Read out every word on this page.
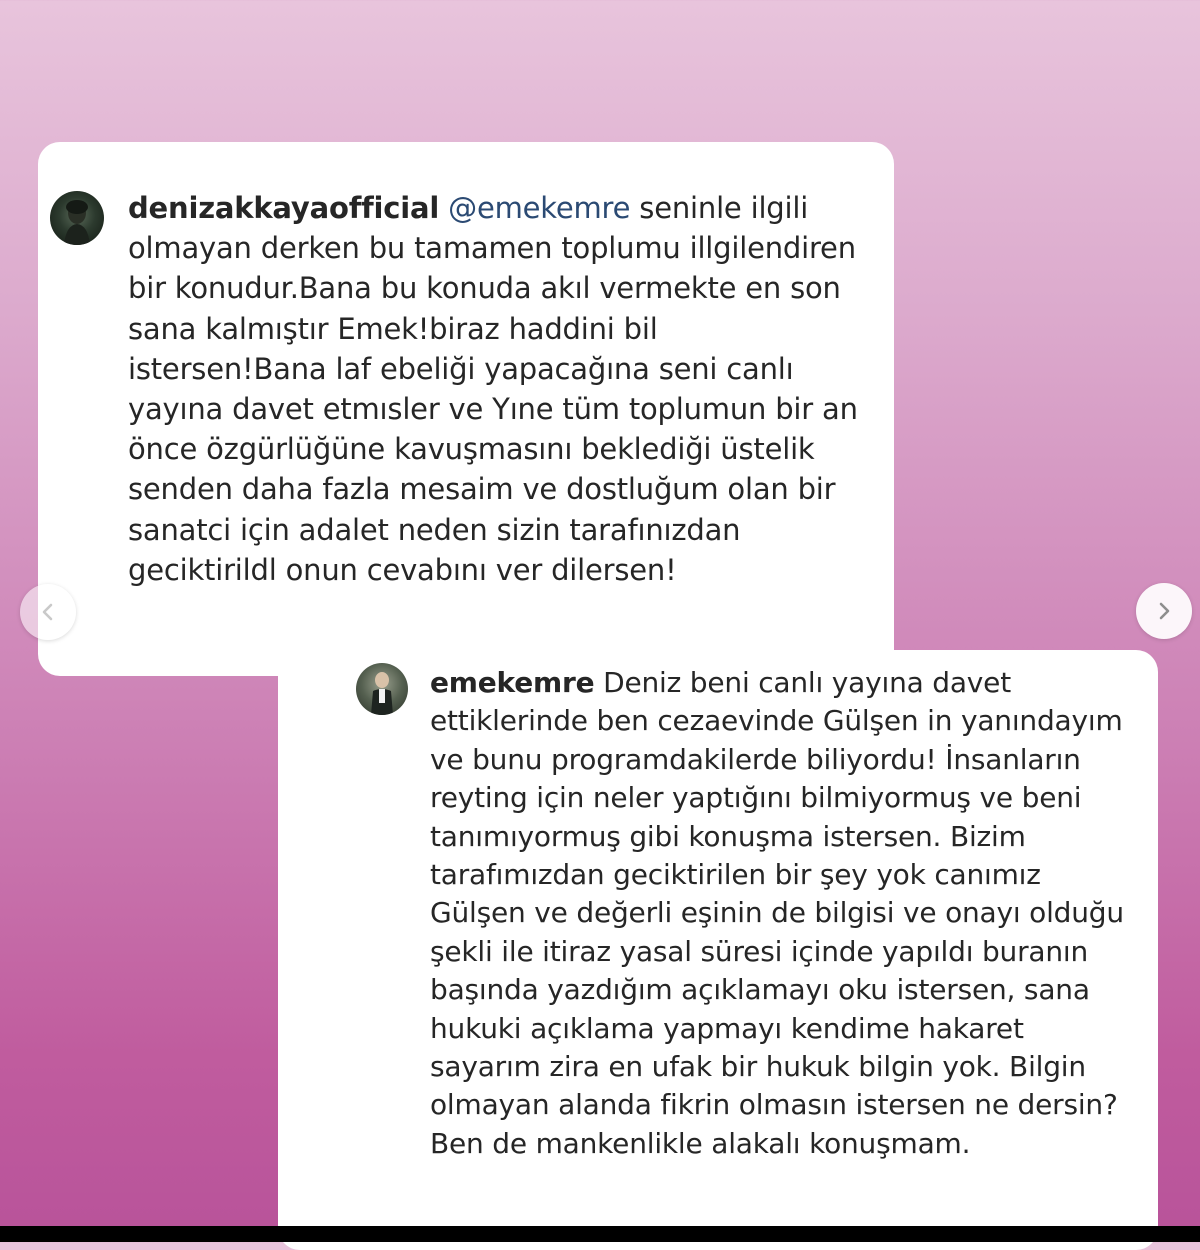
denizakkayaofficial @emekemre seninle ilgili olmayan derken bu tamamen toplumu illgilendiren bir konudur.Bana bu konuda akıl vermekte en son sana kalmıştır Emek!biraz haddini bil istersen!Bana laf ebeliği yapacağına seni canlı yayına davet etmısler ve Yıne tüm toplumun bir an önce özgürlüğüne kavuşmasını beklediği üstelik senden daha fazla mesaim ve dostluğum olan bir sanatci için adalet neden sizin tarafınızdan geciktirildl onun cevabını ver dilersen!
emekemre Deniz beni canlı yayına davet ettiklerinde ben cezaevinde Gülşen in yanındayım ve bunu programdakilerde biliyordu! İnsanların reyting için neler yaptığını bilmiyormuş ve beni tanımıyormuş gibi konuşma istersen. Bizim tarafımızdan geciktirilen bir şey yok canımız Gülşen ve değerli eşinin de bilgisi ve onayı olduğu şekli ile itiraz yasal süresi içinde yapıldı buranın başında yazdığım açıklamayı oku istersen, sana hukuki açıklama yapmayı kendime hakaret sayarım zira en ufak bir hukuk bilgin yok. Bilgin olmayan alanda fikrin olmasın istersen ne dersin? Ben de mankenlikle alakalı konuşmam.
